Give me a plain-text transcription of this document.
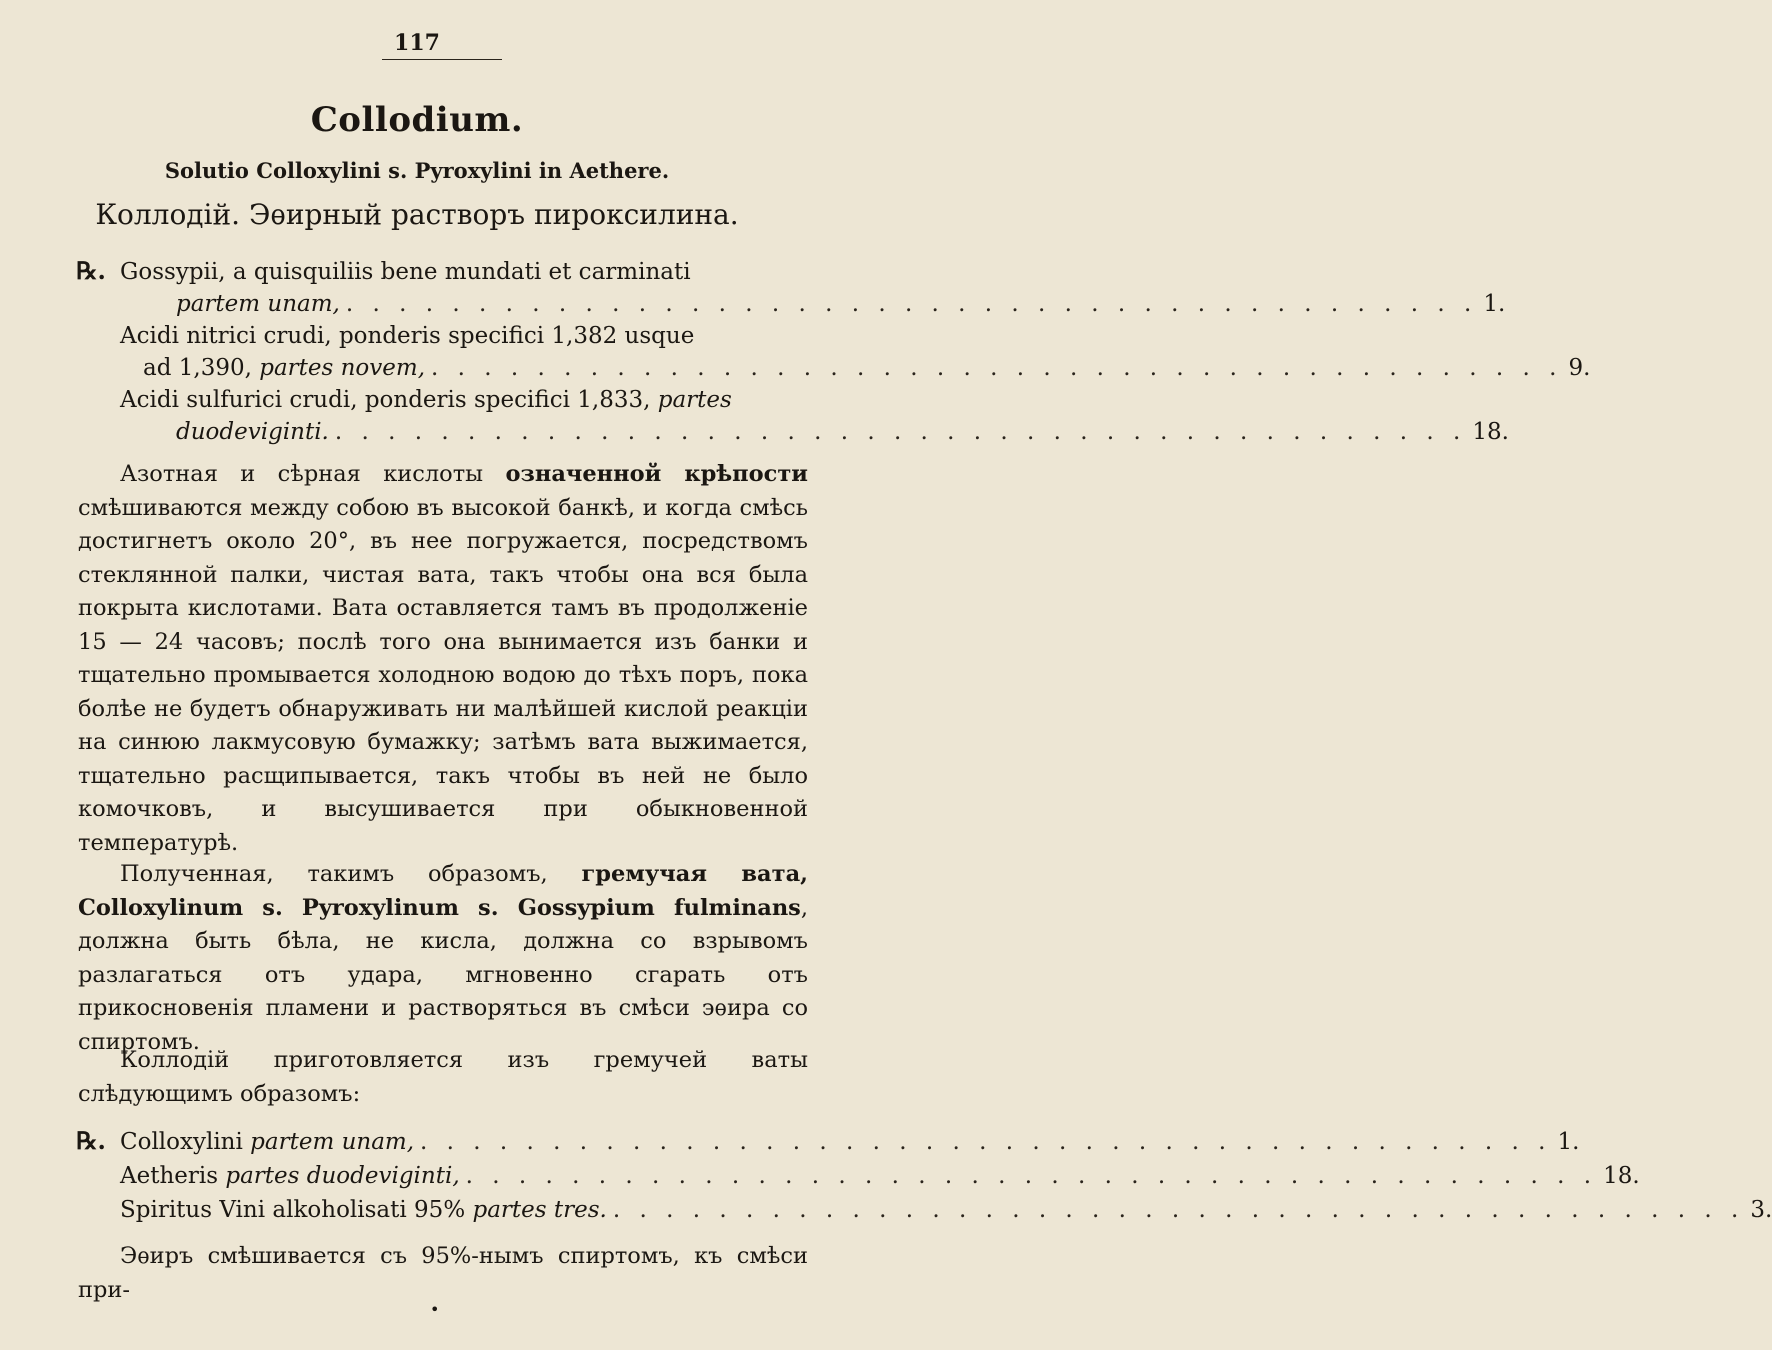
117
Collodium.
Solutio Colloxylini s. Pyroxylini in Aethere.
Коллодій. Эѳирный растворъ пироксилина.
℞. Gossypii, a quisquiliis bene mundati et carminati
partem unam, . . . . . . . . . . . . . . . . . . . . . . . . . . . . . . . . . . . . . . . . . . . 1.
Acidi nitrici crudi, ponderis specifici 1,382 usque
ad 1,390, partes novem, . . . . . . . . . . . . . . . . . . . . . . . . . . . . . . . . . . . . . . . . . . . 9.
Acidi sulfurici crudi, ponderis specifici 1,833, partes
duodeviginti. . . . . . . . . . . . . . . . . . . . . . . . . . . . . . . . . . . . . . . . . . . . 18.
Азотная и сѣрная кислоты означенной крѣпости смѣшиваются между собою въ высокой банкѣ, и когда смѣсь достигнетъ около 20°, въ нее погружается, посредствомъ стеклянной палки, чистая вата, такъ чтобы она вся была покрыта кислотами. Вата оставляется тамъ въ продолженіе 15 — 24 часовъ; послѣ того она вынимается изъ банки и тщательно промывается холодною водою до тѣхъ поръ, пока болѣе не будетъ обнаруживать ни малѣйшей кислой реакціи на синюю лакмусовую бумажку; затѣмъ вата выжимается, тщательно расщипывается, такъ чтобы въ ней не было комочковъ, и высушивается при обыкновенной температурѣ.
Полученная, такимъ образомъ, гремучая вата, Colloxylinum s. Pyroxylinum s. Gossypium fulminans, должна быть бѣла, не кисла, должна со взрывомъ разлагаться отъ удара, мгновенно сгарать отъ прикосновенія пламени и растворяться въ смѣси эѳира со спиртомъ.
Коллодій приготовляется изъ гремучей ваты слѣдующимъ образомъ:
℞. Colloxylini partem unam, . . . . . . . . . . . . . . . . . . . . . . . . . . . . . . . . . . . . . . . . . . . 1.
Aetheris partes duodeviginti, . . . . . . . . . . . . . . . . . . . . . . . . . . . . . . . . . . . . . . . . . . . 18.
Spiritus Vini alkoholisati 95% partes tres. . . . . . . . . . . . . . . . . . . . . . . . . . . . . . . . . . . . . . . . . . . . 3.
Эѳиръ смѣшивается съ 95%-нымъ спиртомъ, къ смѣси при-
•
